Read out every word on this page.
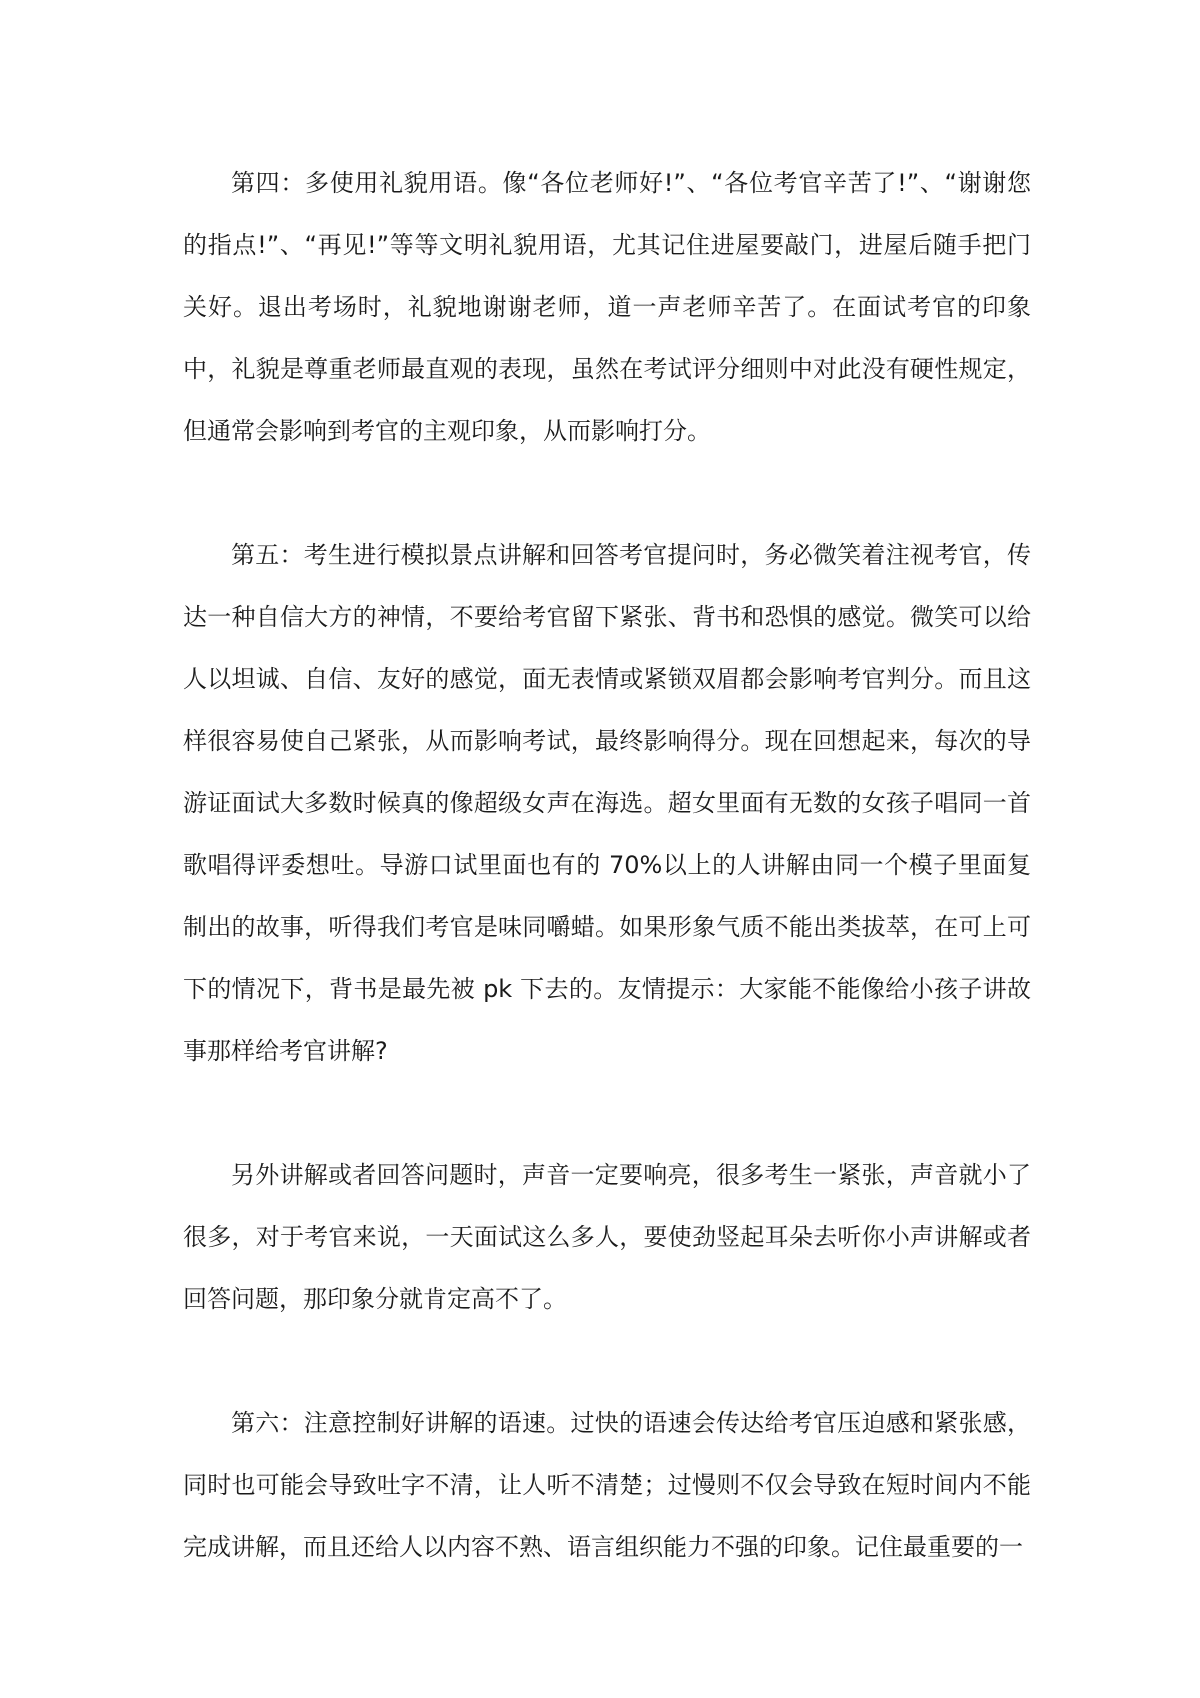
第四：多使用礼貌用语。像“各位老师好!”、“各位考官辛苦了!”、“谢谢您的指点!”、“再见!”等等文明礼貌用语，尤其记住进屋要敲门，进屋后随手把门关好。退出考场时，礼貌地谢谢老师，道一声老师辛苦了。在面试考官的印象中，礼貌是尊重老师最直观的表现，虽然在考试评分细则中对此没有硬性规定，但通常会影响到考官的主观印象，从而影响打分。

第五：考生进行模拟景点讲解和回答考官提问时，务必微笑着注视考官，传达一种自信大方的神情，不要给考官留下紧张、背书和恐惧的感觉。微笑可以给人以坦诚、自信、友好的感觉，面无表情或紧锁双眉都会影响考官判分。而且这样很容易使自己紧张，从而影响考试，最终影响得分。现在回想起来，每次的导游证面试大多数时候真的像超级女声在海选。超女里面有无数的女孩子唱同一首歌唱得评委想吐。导游口试里面也有的 70%以上的人讲解由同一个模子里面复制出的故事，听得我们考官是味同嚼蜡。如果形象气质不能出类拔萃，在可上可下的情况下，背书是最先被 pk 下去的。友情提示：大家能不能像给小孩子讲故事那样给考官讲解?

另外讲解或者回答问题时，声音一定要响亮，很多考生一紧张，声音就小了很多，对于考官来说，一天面试这么多人，要使劲竖起耳朵去听你小声讲解或者回答问题，那印象分就肯定高不了。

第六：注意控制好讲解的语速。过快的语速会传达给考官压迫感和紧张感，同时也可能会导致吐字不清，让人听不清楚；过慢则不仅会导致在短时间内不能完成讲解，而且还给人以内容不熟、语言组织能力不强的印象。记住最重要的一
